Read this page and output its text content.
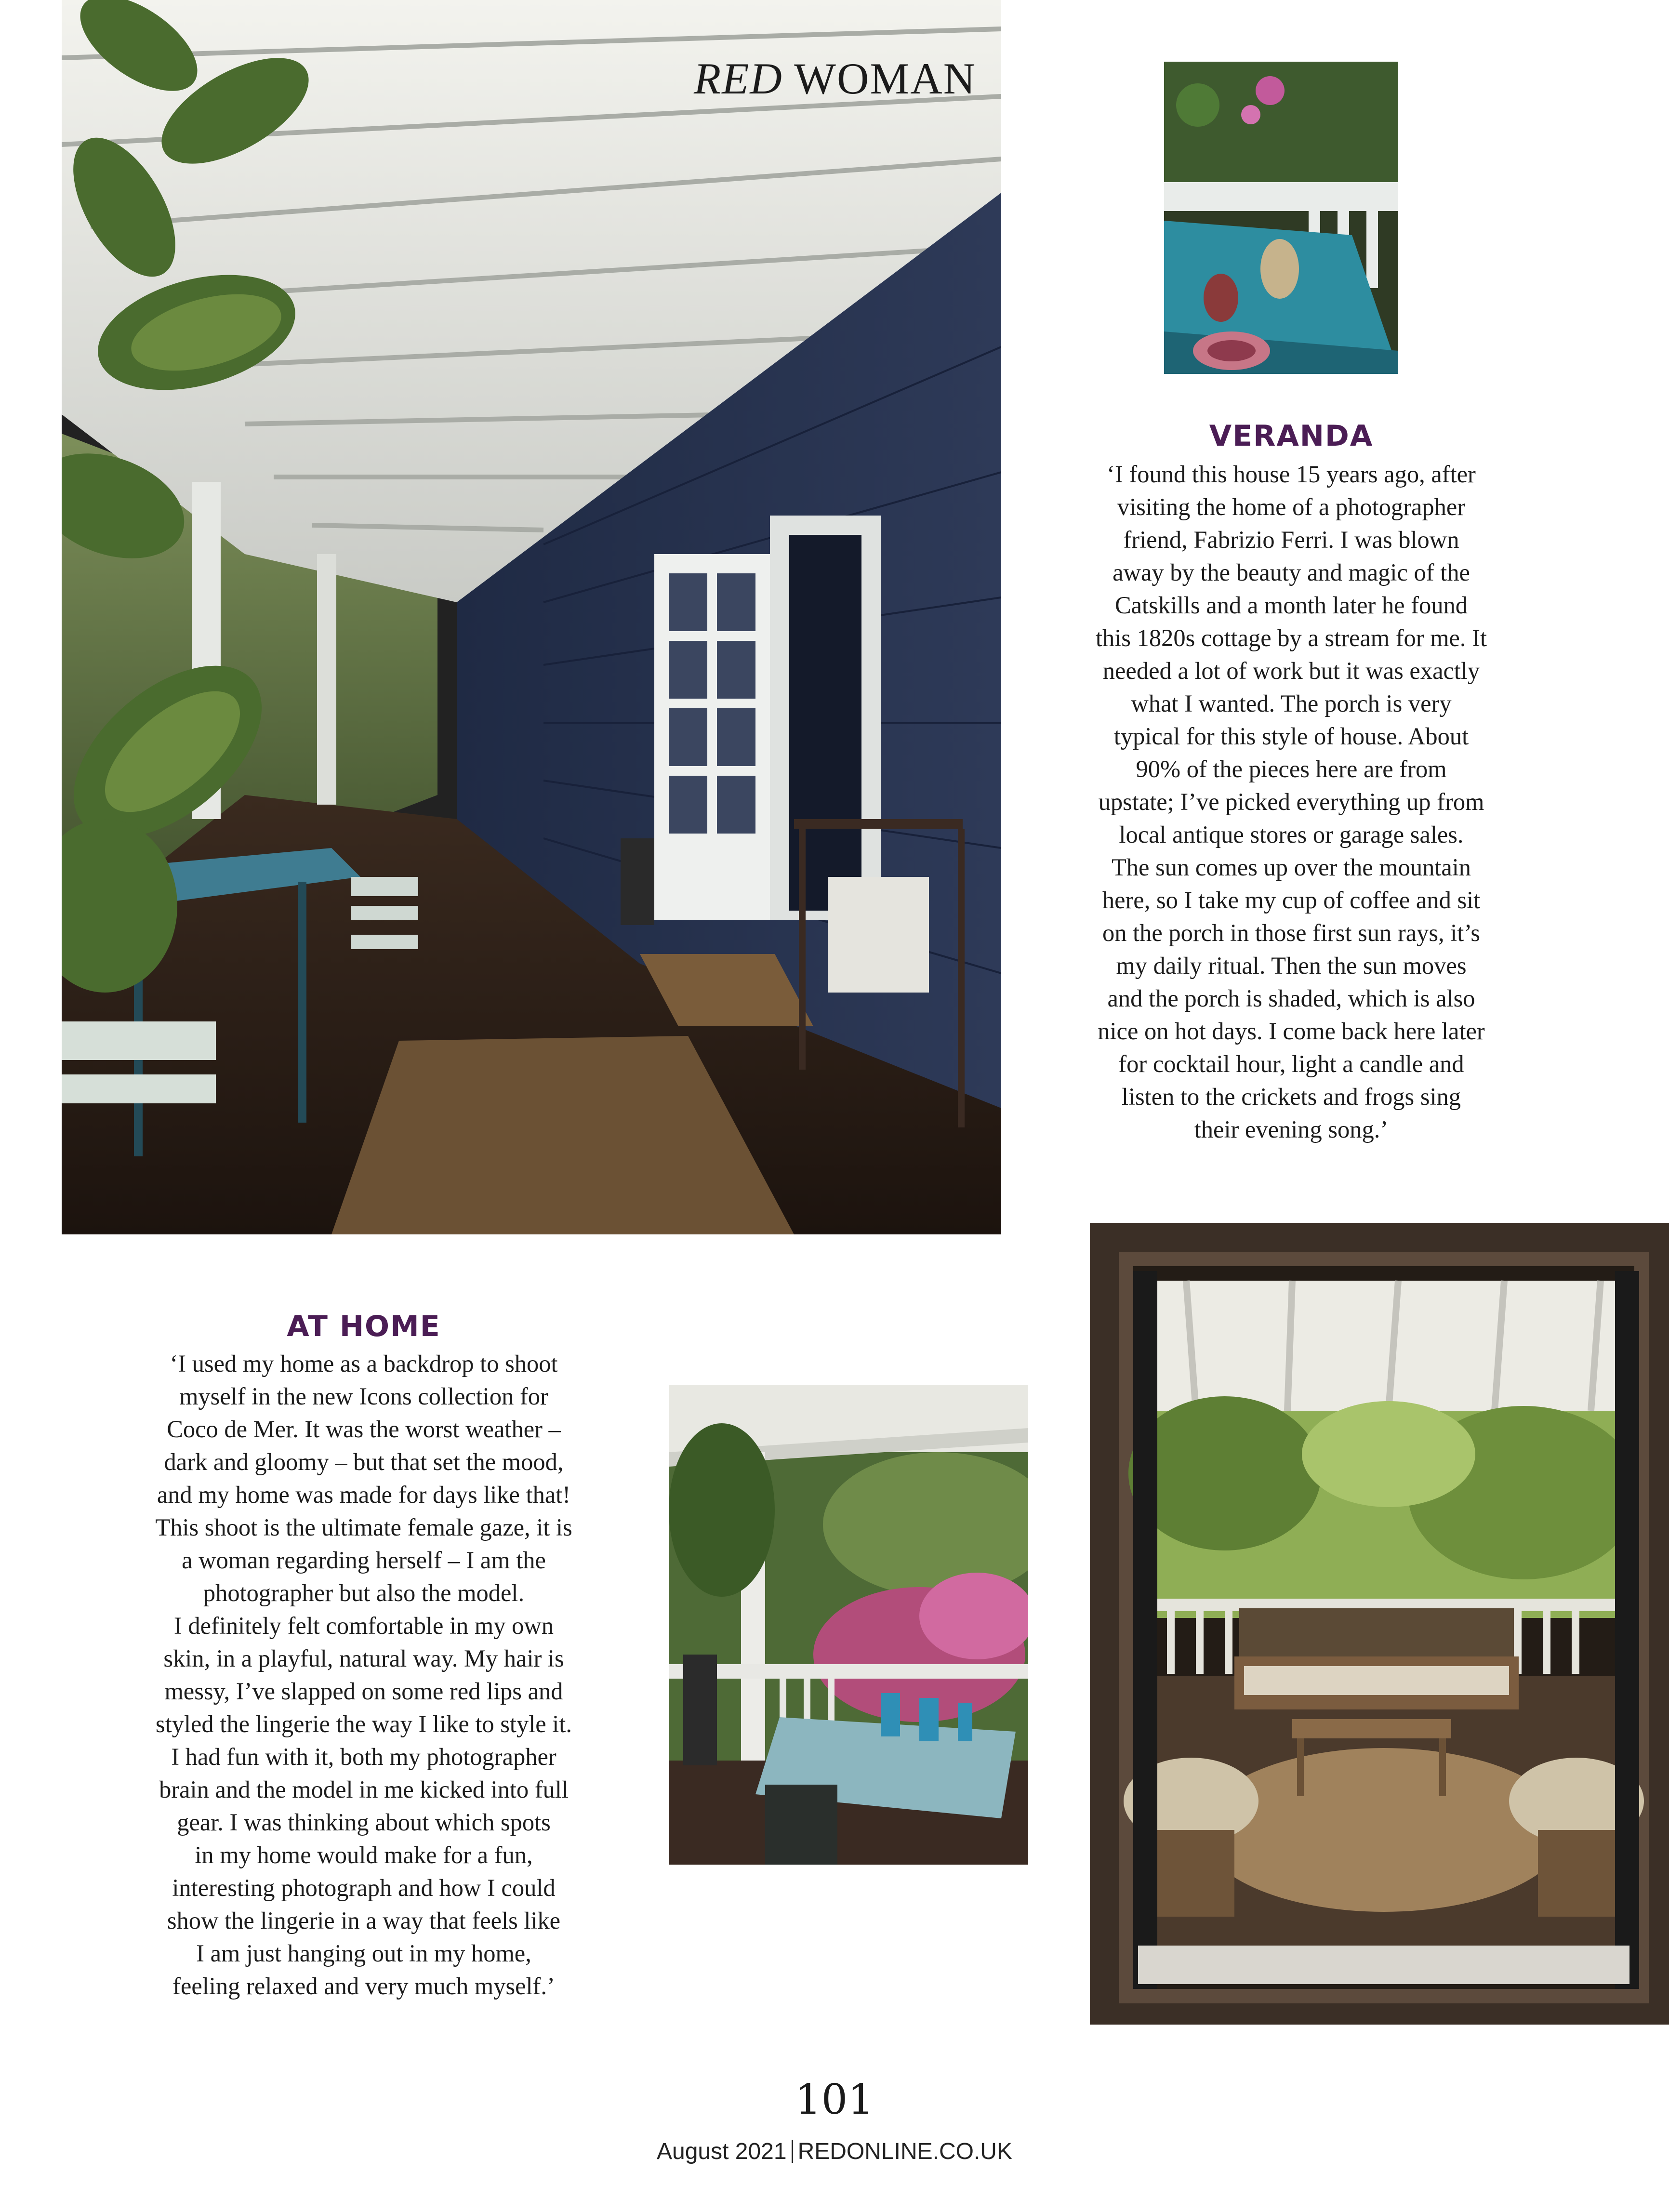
RED WOMAN
VERANDA
‘I found this house 15 years ago, after
visiting the home of a photographer
friend, Fabrizio Ferri. I was blown
away by the beauty and magic of the
Catskills and a month later he found
this 1820s cottage by a stream for me. It
needed a lot of work but it was exactly
what I wanted. The porch is very
typical for this style of house. About
90% of the pieces here are from
upstate; I’ve picked everything up from
local antique stores or garage sales.
The sun comes up over the mountain
here, so I take my cup of coffee and sit
on the porch in those first sun rays, it’s
my daily ritual. Then the sun moves
and the porch is shaded, which is also
nice on hot days. I come back here later
for cocktail hour, light a candle and
listen to the crickets and frogs sing
their evening song.’
AT HOME
‘I used my home as a backdrop to shoot
myself in the new Icons collection for
Coco de Mer. It was the worst weather –
dark and gloomy – but that set the mood,
and my home was made for days like that!
This shoot is the ultimate female gaze, it is
a woman regarding herself – I am the
photographer but also the model.
I definitely felt comfortable in my own
skin, in a playful, natural way. My hair is
messy, I’ve slapped on some red lips and
styled the lingerie the way I like to style it.
I had fun with it, both my photographer
brain and the model in me kicked into full
gear. I was thinking about which spots
in my home would make for a fun,
interesting photograph and how I could
show the lingerie in a way that feels like
I am just hanging out in my home,
feeling relaxed and very much myself.’
101
August 2021 REDONLINE.CO.UK
